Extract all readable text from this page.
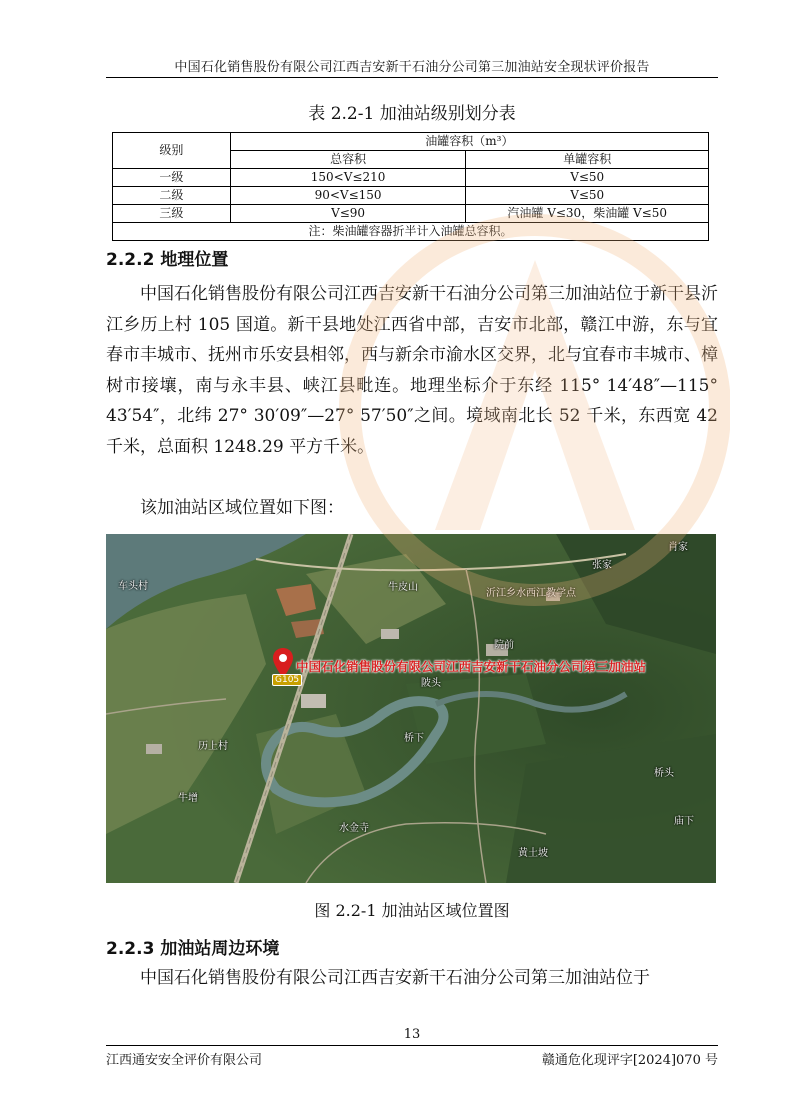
中国石化销售股份有限公司江西吉安新干石油分公司第三加油站安全现状评价报告
表 2.2-1 加油站级别划分表
级别	油罐容积（m³）	
	总容积	单罐容积
一级	150<V≤210	V≤50
二级	90<V≤150	V≤50
三级	V≤90	汽油罐 V≤30，柴油罐 V≤50
注：柴油罐容器折半计入油罐总容积。		
2.2.2 地理位置

中国石化销售股份有限公司江西吉安新干石油分公司第三加油站位于新干县沂江乡历上村 105 国道。新干县地处江西省中部，吉安市北部，赣江中游，东与宜春市丰城市、抚州市乐安县相邻，西与新余市渝水区交界，北与宜春市丰城市、樟树市接壤，南与永丰县、峡江县毗连。地理坐标介于东经 115° 14′48″—115° 43′54″，北纬 27° 30′09″—27° 57′50″之间。境域南北长 52 千米，东西宽 42 千米，总面积 1248.29 平方千米。

该加油站区域位置如下图：

车头村	牛皮山
沂江乡水西江教学点
肖家
张家
院前
陂头
历上村
桥下
桥头
牛增
水金寺
黄土坡
庙下
G105
中国石化销售股份有限公司江西吉安新干石油分公司第三加油站
图 2.2-1 加油站区域位置图
2.2.3 加油站周边环境

中国石化销售股份有限公司江西吉安新干石油分公司第三加油站位于

13
江西通安安全评价有限公司	赣通危化现评字[2024]070 号
